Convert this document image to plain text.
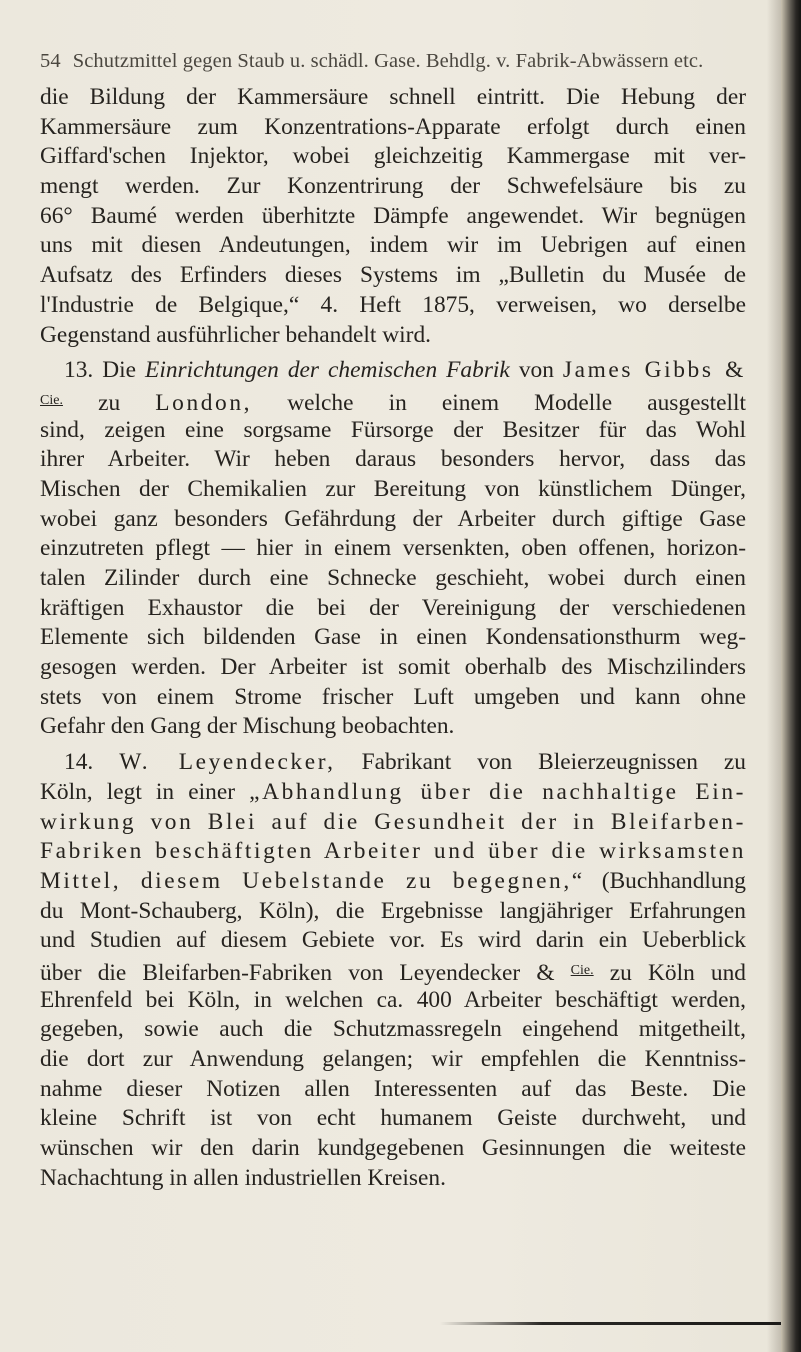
54 Schutzmittel gegen Staub u. schädl. Gase. Behdlg. v. Fabrik-Abwässern etc.
die Bildung der Kammersäure schnell eintritt. Die Hebung der
Kammersäure zum Konzentrations-Apparate erfolgt durch einen
Giffard'schen Injektor, wobei gleichzeitig Kammergase mit ver-
mengt werden. Zur Konzentrirung der Schwefelsäure bis zu
66° Baumé werden überhitzte Dämpfe angewendet. Wir begnügen
uns mit diesen Andeutungen, indem wir im Uebrigen auf einen
Aufsatz des Erfinders dieses Systems im „Bulletin du Musée de
l'Industrie de Belgique,“ 4. Heft 1875, verweisen, wo derselbe
Gegenstand ausführlicher behandelt wird.
13. Die Einrichtungen der chemischen Fabrik von James Gibbs &
$^{Cie.}$ zu London, welche in einem Modelle ausgestellt
sind, zeigen eine sorgsame Fürsorge der Besitzer für das Wohl
ihrer Arbeiter. Wir heben daraus besonders hervor, dass das
Mischen der Chemikalien zur Bereitung von künstlichem Dünger,
wobei ganz besonders Gefährdung der Arbeiter durch giftige Gase
einzutreten pflegt — hier in einem versenkten, oben offenen, horizon-
talen Zilinder durch eine Schnecke geschieht, wobei durch einen
kräftigen Exhaustor die bei der Vereinigung der verschiedenen
Elemente sich bildenden Gase in einen Kondensationsthurm weg-
gesogen werden. Der Arbeiter ist somit oberhalb des Mischzilinders
stets von einem Strome frischer Luft umgeben und kann ohne
Gefahr den Gang der Mischung beobachten.
14. W. Leyendecker, Fabrikant von Bleierzeugnissen zu
Köln, legt in einer „Abhandlung über die nachhaltige Ein-
wirkung von Blei auf die Gesundheit der in Bleifarben-
Fabriken beschäftigten Arbeiter und über die wirksamsten
Mittel, diesem Uebelstande zu begegnen,“ (Buchhandlung
du Mont-Schauberg, Köln), die Ergebnisse langjähriger Erfahrungen
und Studien auf diesem Gebiete vor. Es wird darin ein Ueberblick
über die Bleifarben-Fabriken von Leyendecker & $^{Cie.}$ zu Köln und
Ehrenfeld bei Köln, in welchen ca. 400 Arbeiter beschäftigt werden,
gegeben, sowie auch die Schutzmassregeln eingehend mitgetheilt,
die dort zur Anwendung gelangen; wir empfehlen die Kenntniss-
nahme dieser Notizen allen Interessenten auf das Beste. Die
kleine Schrift ist von echt humanem Geiste durchweht, und
wünschen wir den darin kundgegebenen Gesinnungen die weiteste
Nachachtung in allen industriellen Kreisen.
